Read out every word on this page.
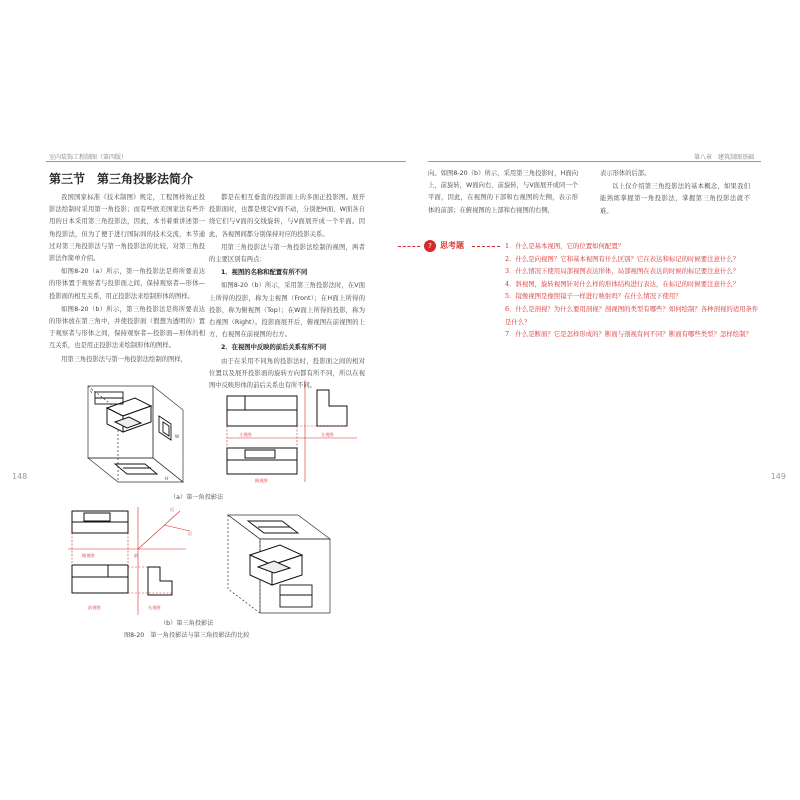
室内装饰工程制图（第四版）
第三节　第三角投影法简介

我国国家标准《技术制图》规定，工程图样按正投影法绘制时采用第一角投影；而有些欧美国家法有些许用的日本采用第三角投影法，因此，本书着重讲述第一角投影法，但为了便于进行国际间的技术交流，本节通过对第三角投影法与第一角投影法的比较，对第三角投影法作简单介绍。

如图8-20（a）所示，第一角投影法是将所要表达的形体置于观察者与投影面之间，保持观察者—形体—投影面的相互关系，用正投影法来绘制形体的图样。

如图8-20（b）所示，第三角投影法是将所要表达的形体放在第三角中，并使投影面（假想为透明的）置于观察者与形体之间，保持观察者—投影面—形体的相互关系，也是用正投影法来绘制形体的图样。

用第三角投影法与第一角投影法绘制的图样，

都是在相互垂直的投影面上的多面正投影图。展开投影面时，也都是规定V面不动，分别把H面、W面各自绕它们与V面的交线旋转，与V面展开成一个平面。因此，各视图间都分别保持对应的投影关系。

用第三角投影法与第一角投影法绘制的视图，两者的主要区别有两点：

1．视图的名称和配置有所不同

如图8-20（b）所示，采用第三角投影法时，在V面上所得的投影，称为主视图（Front）；在H面上所得的投影，称为俯视图（Top）；在W面上所得的投影，称为右视图（Right）。投影面展开后，俯视图在前视图的上方，右视图在前视图的右方。

2．在视图中反映的前后关系有所不同

由于在采用不同角的投影法时，投影面之间的相对位置以及展开投影面的旋转方向都有所不同，所以在视图中反映形体的前后关系也有所不同。

148
V
W
H
主视图	左视图
俯视图
（a）第一角投影法
俯视图
前视图	右视图
后
前
后
（b）第三角投影法
图8-20　第一角投影法与第三角投影法的比较
第八章　建筑制图基础

向。如图8-20（b）所示，采用第三角投影时，H面向上，前旋转，W面向右、前旋转，与V面展开成同一个平面，因此，在视图的下部和右视图的左侧，表示形体的前部；在俯视图的上部和右视图的右侧，

表示形体的后部。

以上仅介绍第三角投影法的基本概念，如果我们能熟练掌握第一角投影法，掌握第三角投影法就不难。

?	思考题	1．什么是基本视图，它的位置如何配置？
2．什么是向视图？它和基本视图有什么区别？它在表达和标记的时候要注意什么？
3．什么情况下使用局部视图表达形体，局部视图在表达的时候的标记要注意什么？
4．斜视图，旋转视图针对什么样的形体结构进行表达，在标记的时候要注意什么？
5．镜像视图是像照镜子一样进行映射吗？在什么情况下使用？
6．什么是剖视？为什么要用剖视？剖视图的类型有哪些？如何绘制？各种剖视的适用条件是什么？
7．什么是断面？它是怎样形成的？断面与剖视有何不同？断面有哪些类型？怎样绘制？
149
